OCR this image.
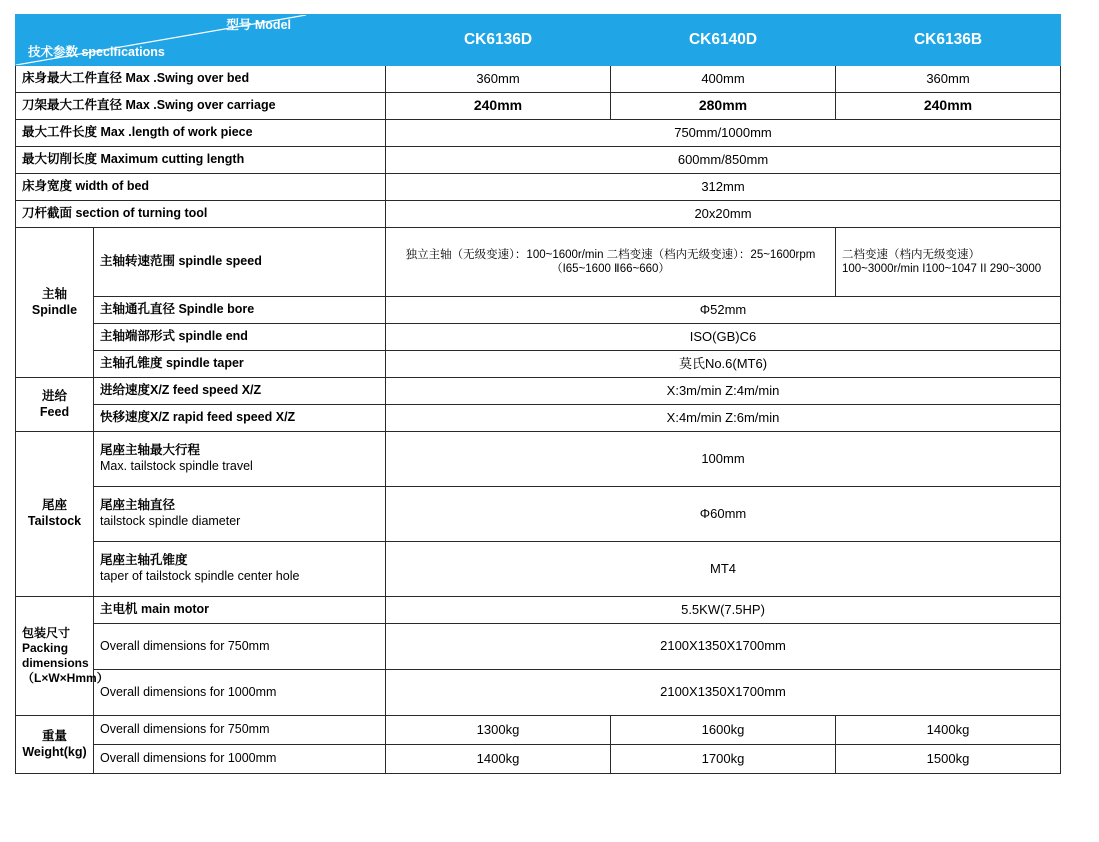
型号 Model
技术参数 specifications		CK6136D	CK6140D	CK6136B
床身最大工件直径 Max .Swing over bed		360mm	400mm	360mm
刀架最大工件直径 Max .Swing over carriage		240mm	280mm	240mm
最大工件长度 Max .length of work piece		750mm/1000mm		
最大切削长度 Maximum cutting length		600mm/850mm		
床身宽度 width of bed		312mm		
刀杆截面 section of turning tool		20x20mm		

主轴
Spindle	主轴转速范围 spindle speed	独立主轴（无级变速）：100~1600r/min 二档变速（档内无级变速）：25~1600rpm （I65~1600 Ⅱ66~660）		二档变速（档内无级变速） 100~3000r/min I100~1047 II 290~3000
	主轴通孔直径 Spindle bore	Φ52mm		
	主轴端部形式 spindle end	ISO(GB)C6		
	主轴孔锥度 spindle taper	莫氏No.6(MT6)		

进给
Feed	进给速度X/Z feed speed X/Z	X:3m/min Z:4m/min		
	快移速度X/Z rapid feed speed X/Z	X:4m/min Z:6m/min		

尾座
Tailstock	尾座主轴最大行程
Max. tailstock spindle travel	100mm		

	尾座主轴直径
tailstock spindle diameter	Φ60mm		

	尾座主轴孔锥度
taper of tailstock spindle center hole	MT4		
包装尺寸
Packing
dimensions
（L×W×Hmm）	主电机 main motor	5.5KW(7.5HP)		
	Overall dimensions for 750mm	2100X1350X1700mm		
	Overall dimensions for 1000mm	2100X1350X1700mm		
重量 Weight(kg)	Overall dimensions for 750mm	1300kg	1600kg	1400kg
	Overall dimensions for 1000mm	1400kg	1700kg	1500kg
